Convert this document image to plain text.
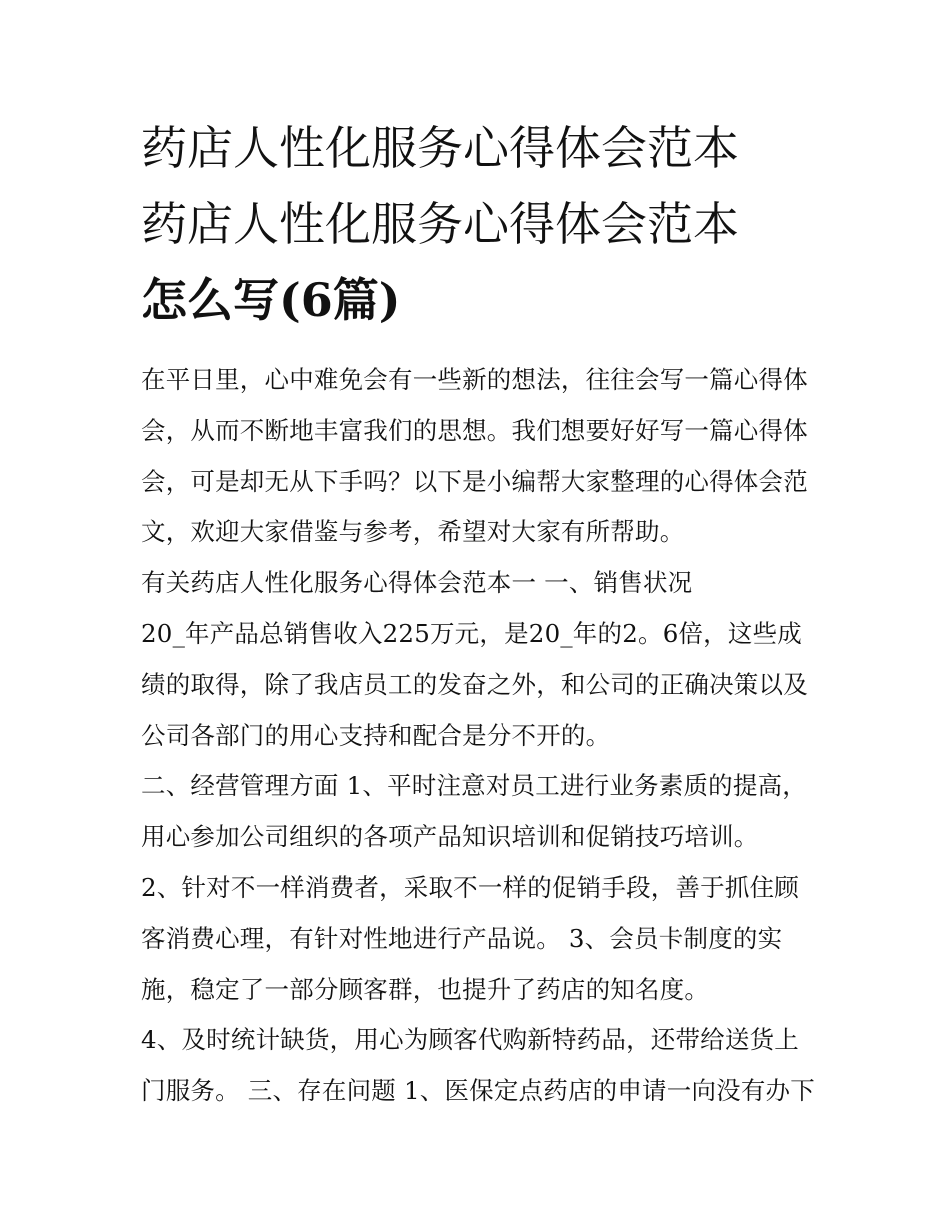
药店人性化服务心得体会范本
药店人性化服务心得体会范本
怎么写(6篇)
在平日里，心中难免会有一些新的想法，往往会写一篇心得体
会，从而不断地丰富我们的思想。我们想要好好写一篇心得体
会，可是却无从下手吗？以下是小编帮大家整理的心得体会范
文，欢迎大家借鉴与参考，希望对大家有所帮助。
有关药店人性化服务心得体会范本一 一、销售状况
20_年产品总销售收入225万元，是20_年的2。6倍，这些成
绩的取得，除了我店员工的发奋之外，和公司的正确决策以及
公司各部门的用心支持和配合是分不开的。
二、经营管理方面 1、平时注意对员工进行业务素质的提高，
用心参加公司组织的各项产品知识培训和促销技巧培训。
2、针对不一样消费者，采取不一样的促销手段，善于抓住顾
客消费心理，有针对性地进行产品说。 3、会员卡制度的实
施，稳定了一部分顾客群，也提升了药店的知名度。
4、及时统计缺货，用心为顾客代购新特药品，还带给送货上
门服务。 三、存在问题 1、医保定点药店的申请一向没有办下
